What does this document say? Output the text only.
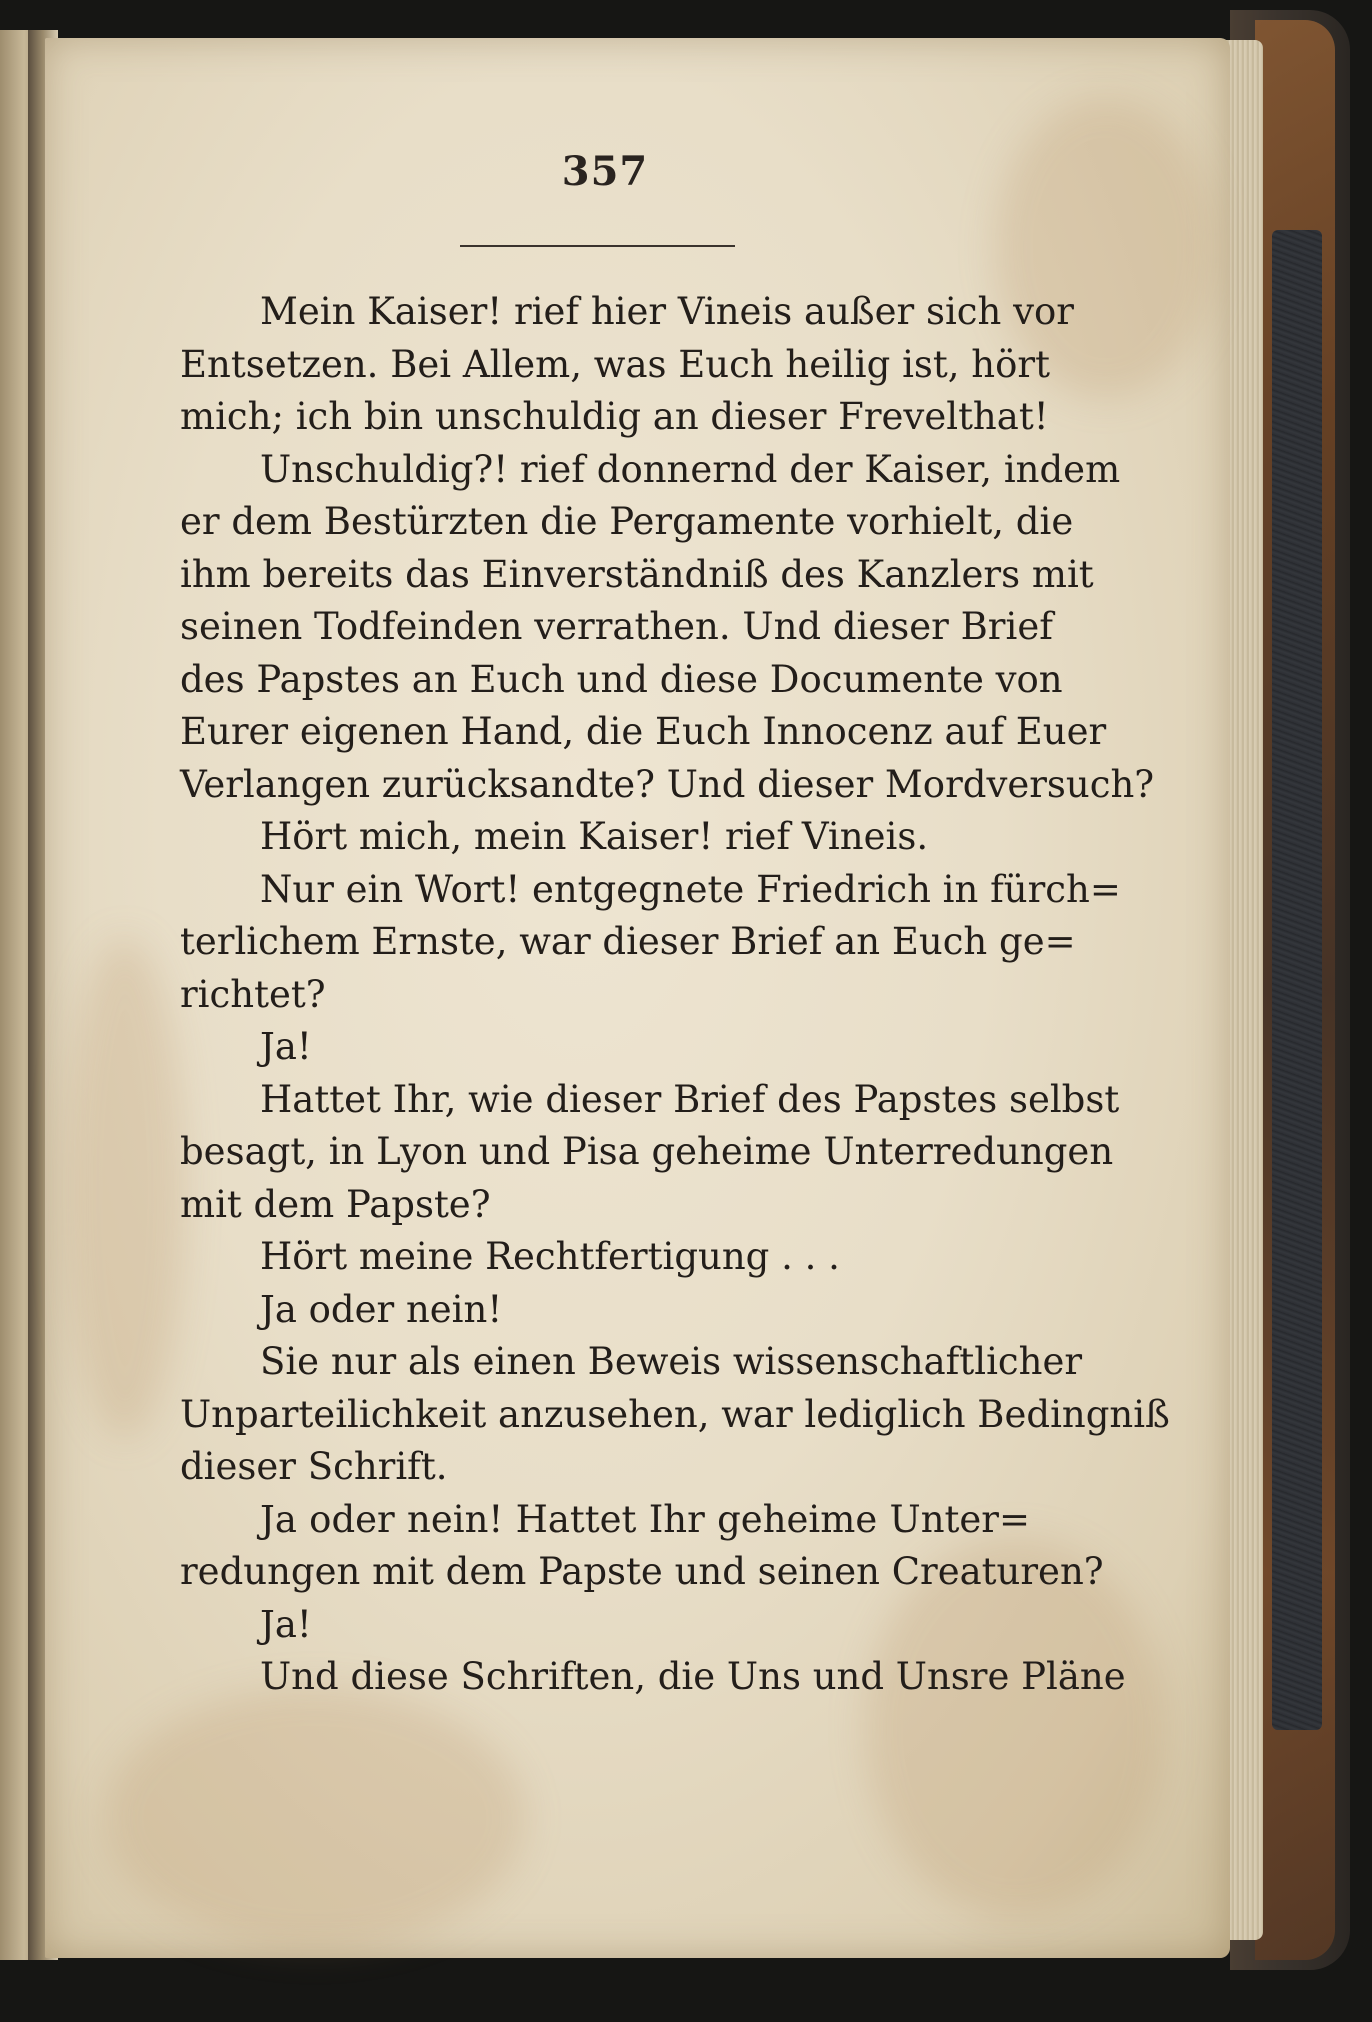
357
Mein Kaiser! rief hier Vineis außer sich vor
Entsetzen. Bei Allem, was Euch heilig ist, hört
mich; ich bin unschuldig an dieser Frevelthat!
Unschuldig?! rief donnernd der Kaiser, indem
er dem Bestürzten die Pergamente vorhielt, die
ihm bereits das Einverständniß des Kanzlers mit
seinen Todfeinden verrathen. Und dieser Brief
des Papstes an Euch und diese Documente von
Eurer eigenen Hand, die Euch Innocenz auf Euer
Verlangen zurücksandte? Und dieser Mordversuch?
Hört mich, mein Kaiser! rief Vineis.
Nur ein Wort! entgegnete Friedrich in fürch=
terlichem Ernste, war dieser Brief an Euch ge=
richtet?
Ja!
Hattet Ihr, wie dieser Brief des Papstes selbst
besagt, in Lyon und Pisa geheime Unterredungen
mit dem Papste?
Hört meine Rechtfertigung . . .
Ja oder nein!
Sie nur als einen Beweis wissenschaftlicher
Unparteilichkeit anzusehen, war lediglich Bedingniß
dieser Schrift.
Ja oder nein! Hattet Ihr geheime Unter=
redungen mit dem Papste und seinen Creaturen?
Ja!
Und diese Schriften, die Uns und Unsre Pläne
